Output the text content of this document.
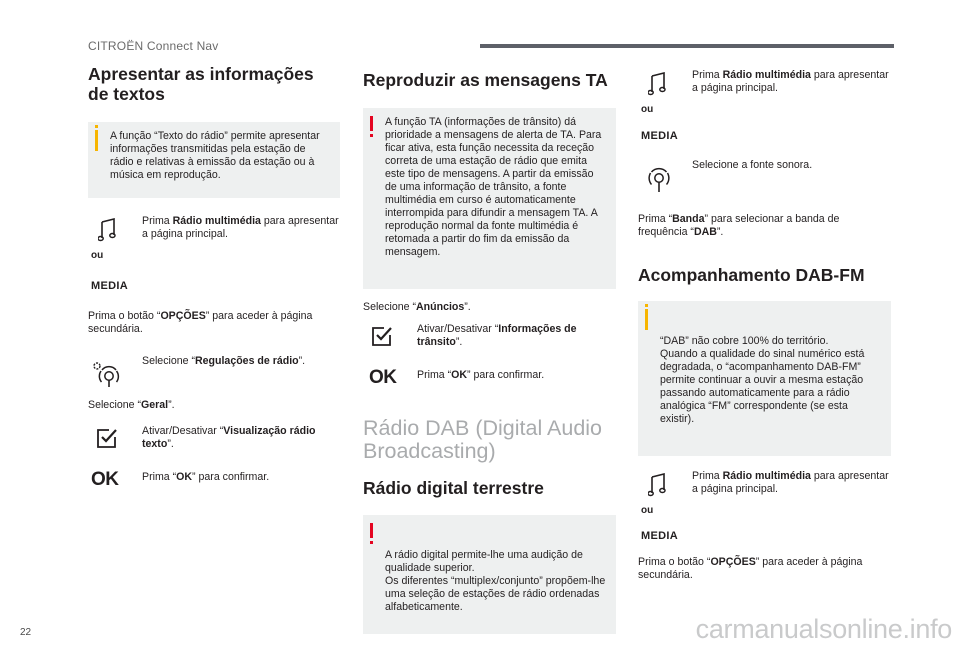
CITROËN Connect Nav
Apresentar as informações de textos
A função “Texto do rádio” permite apresentar informações transmitidas pela estação de rádio e relativas à emissão da estação ou à música em reprodução.
ou
MEDIA
Prima Rádio multimédia para apresentar a página principal.
Prima o botão “OPÇÕES” para aceder à página secundária.
Selecione “Regulações de rádio”.
Selecione “Geral”.
Ativar/Desativar “Visualização rádio texto”.
OK Prima “OK” para confirmar.
Reproduzir as mensagens TA
A função TA (informações de trânsito) dá prioridade a mensagens de alerta de TA. Para ficar ativa, esta função necessita da receção correta de uma estação de rádio que emita este tipo de mensagens. A partir da emissão de uma informação de trânsito, a fonte multimédia em curso é automaticamente interrompida para difundir a mensagem TA. A reprodução normal da fonte multimédia é retomada a partir do fim da emissão da mensagem.
Selecione “Anúncios”.
Ativar/Desativar “Informações de trânsito”.
OK Prima “OK” para confirmar.
Rádio DAB (Digital Audio Broadcasting)
Rádio digital terrestre

A rádio digital permite-lhe uma audição de qualidade superior.
Os diferentes “multiplex/conjunto” propõem-lhe uma seleção de estações de rádio ordenadas alfabeticamente.

ou
MEDIA
Prima Rádio multimédia para apresentar a página principal.
Selecione a fonte sonora.
Prima “Banda” para selecionar a banda de frequência “DAB”.
Acompanhamento DAB-FM

“DAB” não cobre 100% do território.
Quando a qualidade do sinal numérico está degradada, o “acompanhamento DAB-FM” permite continuar a ouvir a mesma estação passando automaticamente para a rádio analógica “FM” correspondente (se esta existir).

ou
MEDIA
Prima Rádio multimédia para apresentar a página principal.
Prima o botão “OPÇÕES” para aceder à página secundária.
22	carmanualsonline.info
